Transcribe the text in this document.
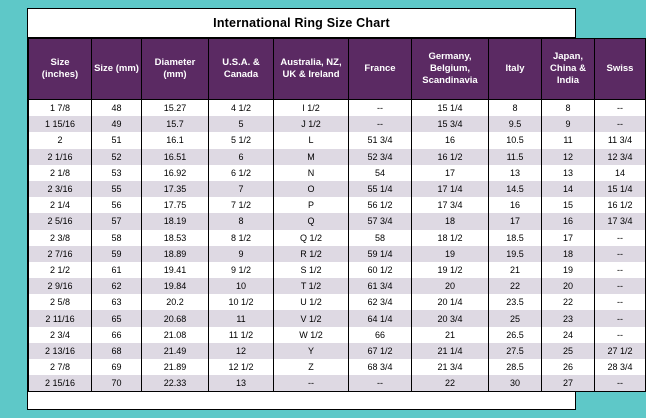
International Ring Size Chart
Size (inches)	Size (mm)	Diameter (mm)	U.S.A. & Canada	Australia, NZ, UK & Ireland	France	Germany, Belgium, Scandinavia	Italy	Japan, China & India	Swiss
1 7/8	48	15.27	4 1/2	I 1/2	--	15 1/4	8	8	--
1 15/16	49	15.7	5	J 1/2	--	15 3/4	9.5	9	--
2	51	16.1	5 1/2	L	51 3/4	16	10.5	11	11 3/4
2 1/16	52	16.51	6	M	52 3/4	16 1/2	11.5	12	12 3/4
2 1/8	53	16.92	6 1/2	N	54	17	13	13	14
2 3/16	55	17.35	7	O	55 1/4	17 1/4	14.5	14	15 1/4
2 1/4	56	17.75	7 1/2	P	56 1/2	17 3/4	16	15	16 1/2
2 5/16	57	18.19	8	Q	57 3/4	18	17	16	17 3/4
2 3/8	58	18.53	8 1/2	Q 1/2	58	18 1/2	18.5	17	--
2 7/16	59	18.89	9	R 1/2	59 1/4	19	19.5	18	--
2 1/2	61	19.41	9 1/2	S 1/2	60 1/2	19 1/2	21	19	--
2 9/16	62	19.84	10	T 1/2	61 3/4	20	22	20	--
2 5/8	63	20.2	10 1/2	U 1/2	62 3/4	20 1/4	23.5	22	--
2 11/16	65	20.68	11	V 1/2	64 1/4	20 3/4	25	23	--
2 3/4	66	21.08	11 1/2	W 1/2	66	21	26.5	24	--
2 13/16	68	21.49	12	Y	67 1/2	21 1/4	27.5	25	27 1/2
2 7/8	69	21.89	12 1/2	Z	68 3/4	21 3/4	28.5	26	28 3/4
2 15/16	70	22.33	13	--	--	22	30	27	--
